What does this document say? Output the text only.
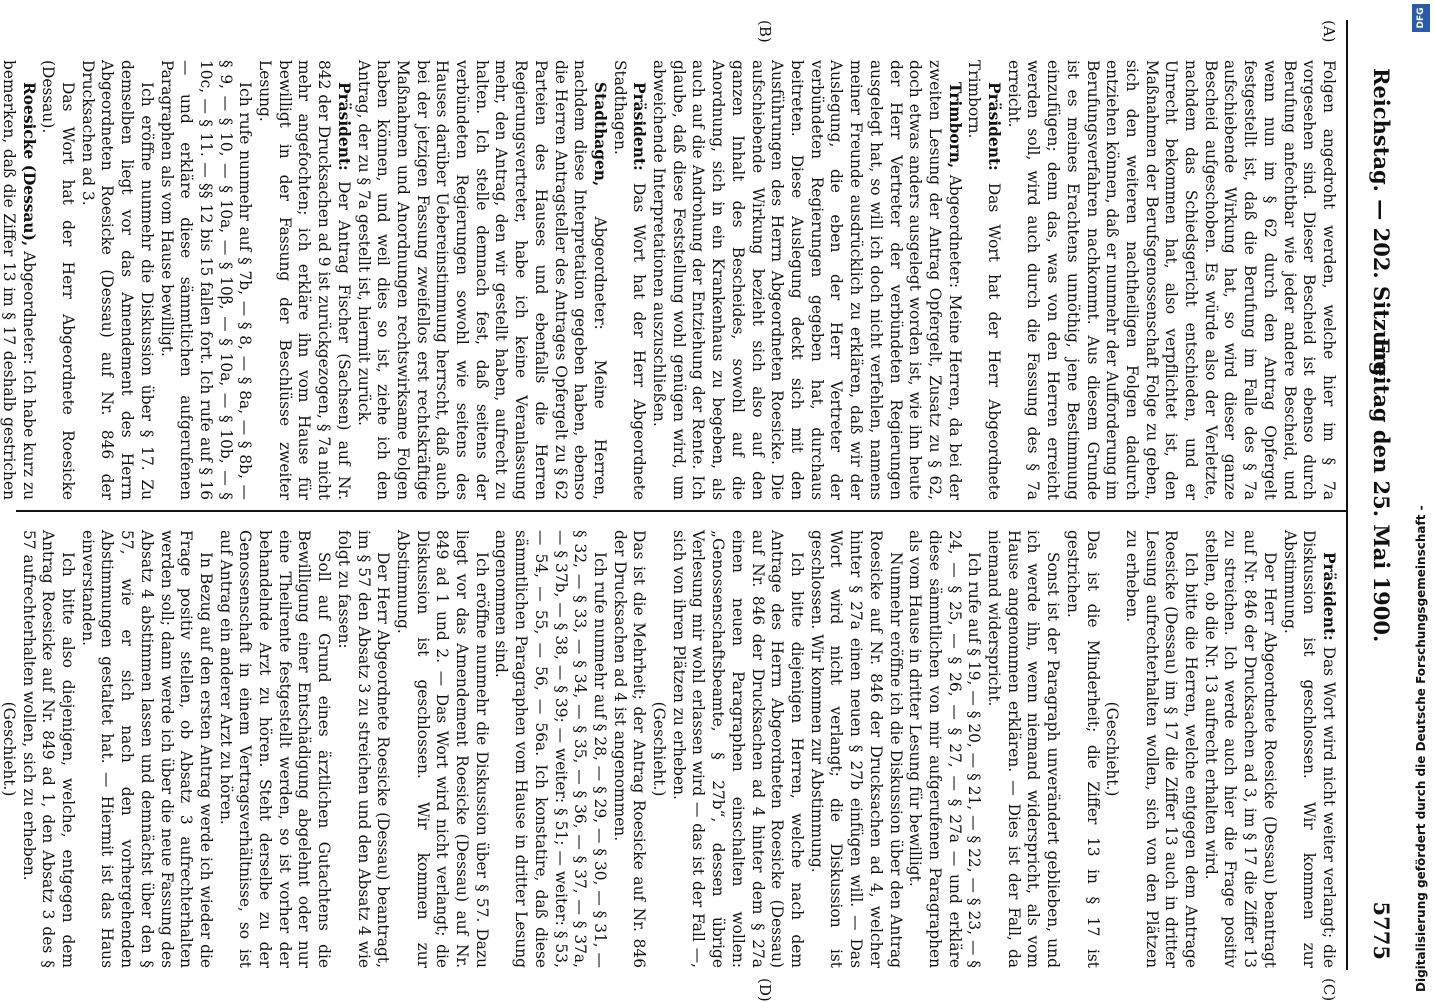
Reichstag. — 202. Sitzung.
Freitag den 25. Mai 1900.
5775
(A)
(B)
(C)
(D)

Folgen angedroht werden, welche hier im § 7a vorgesehen sind. Dieser Bescheid ist ebenso durch Berufung anfechtbar wie jeder andere Bescheid, und wenn nun im § 62 durch den Antrag Opfergelt festgestellt ist, daß die Berufung im Falle des § 7a aufschiebende Wirkung hat, so wird dieser ganze Bescheid aufgeschoben. Es würde also der Verletzte, nachdem das Schiedsgericht entschieden, und er Unrecht bekommen hat, also verpflichtet ist, den Maßnahmen der Berufsgenossenschaft Folge zu geben, sich den weiteren nachtheiligen Folgen dadurch entziehen können, daß er nunmehr der Aufforderung im Berufungsverfahren nachkommt. Aus diesem Grunde ist es meines Erachtens unnöthig, jene Bestimmung einzufügen; denn das, was von den Herren erreicht werden soll, wird auch durch die Fassung des § 7a erreicht.

Präsident: Das Wort hat der Herr Abgeordnete Trimborn.

Trimborn, Abgeordneter: Meine Herren, da bei der zweiten Lesung der Antrag Opfergelt, Zusatz zu § 62, doch etwas anders ausgelegt worden ist, wie ihn heute der Herr Vertreter der verbündeten Regierungen ausgelegt hat, so will ich doch nicht verfehlen, namens meiner Freunde ausdrücklich zu erklären, daß wir der Auslegung, die eben der Herr Vertreter der verbündeten Regierungen gegeben hat, durchaus beitreten. Diese Auslegung deckt sich mit den Ausführungen des Herrn Abgeordneten Roesicke. Die aufschiebende Wirkung bezieht sich also auf den ganzen Inhalt des Bescheides, sowohl auf die Anordnung, sich in ein Krankenhaus zu begeben, als auch auf die Androhung der Entziehung der Rente. Ich glaube, daß diese Feststellung wohl genügen wird, um abweichende Interpretationen auszuschließen.

Präsident: Das Wort hat der Herr Abgeordnete Stadthagen.

Stadthagen, Abgeordneter: Meine Herren, nachdem diese Interpretation gegeben haben, ebenso die Herren Antragsteller des Antrages Opfergelt zu § 62 Parteien des Hauses und ebenfalls die Herren Regierungsvertreter, habe ich keine Veranlassung mehr, den Antrag, den wir gestellt haben, aufrecht zu halten. Ich stelle demnach fest, daß seitens der verbündeten Regierungen sowohl wie seitens des Hauses darüber Uebereinstimmung herrscht, daß auch bei der jetzigen Fassung zweifellos erst rechtskräftige Maßnahmen und Anordnungen rechtswirksame Folgen haben können, und weil dies so ist, ziehe ich den Antrag, der zu § 7a gestellt ist, hiermit zurück.

Präsident: Der Antrag Fischer (Sachsen) auf Nr. 842 der Drucksachen ad 9 ist zurückgezogen, § 7a nicht mehr angefochten; ich erkläre ihn vom Hause für bewilligt in der Fassung der Beschlüsse zweiter Lesung.

Ich rufe nunmehr auf § 7b, — § 8, — § 8a, — § 8b, — § 9, — § 10, — § 10a, — § 10β, — § 10a, — § 10b, — § 10c, — § 11. — §§ 12 bis 15 fallen fort. Ich rufe auf § 16 — und erkläre diese sämmtlichen aufgerufenen Paragraphen als vom Hause bewilligt.

Ich eröffne nunmehr die Diskussion über § 17. Zu demselben liegt vor das Amendement des Herrn Abgeordneten Roesicke (Dessau) auf Nr. 846 der Drucksachen ad 3.

Das Wort hat der Herr Abgeordnete Roesicke (Dessau).

Roesicke (Dessau), Abgeordneter: Ich habe kurz zu bemerken, daß die Ziffer 13 im § 17 deshalb gestrichen

Präsident: Das Wort wird nicht weiter verlangt; die Diskussion ist geschlossen. Wir kommen zur Abstimmung.

Der Herr Abgeordnete Roesicke (Dessau) beantragt auf Nr. 846 der Drucksachen ad 3, im § 17 die Ziffer 13 zu streichen. Ich werde auch hier die Frage positiv stellen, ob die Nr. 13 aufrecht erhalten wird.

Ich bitte die Herren, welche entgegen dem Antrage Roesicke (Dessau) im § 17 die Ziffer 13 auch in dritter Lesung aufrechterhalten wollen, sich von den Plätzen zu erheben.

(Geschieht.)

Das ist die Minderheit; die Ziffer 13 in § 17 ist gestrichen.

Sonst ist der Paragraph unverändert geblieben, und ich werde ihn, wenn niemand widerspricht, als vom Hause angenommen erklären. — Dies ist der Fall, da niemand widerspricht.

Ich rufe auf § 19, — § 20, — § 21, — § 22, — § 23, — § 24, — § 25, — § 26, — § 27, — § 27a — und erkläre diese sämmtlichen von mir aufgerufenen Paragraphen als vom Hause in dritter Lesung für bewilligt.

Nunmehr eröffne ich die Diskussion über den Antrag Roesicke auf Nr. 846 der Drucksachen ad 4, welcher hinter § 27a einen neuen § 27b einfügen will. — Das Wort wird nicht verlangt; die Diskussion ist geschlossen. Wir kommen zur Abstimmung.

Ich bitte diejenigen Herren, welche nach dem Antrage des Herrn Abgeordneten Roesicke (Dessau) auf Nr. 846 der Drucksachen ad 4 hinter dem § 27a einen neuen Paragraphen einschalten wollen: „Genossenschaftsbeamte, § 27b“, dessen übrige Verlesung mir wohl erlassen wird — das ist der Fall —, sich von ihren Plätzen zu erheben.

(Geschieht.)

Das ist die Mehrheit; der Antrag Roesicke auf Nr. 846 der Drucksachen ad 4 ist angenommen.

Ich rufe nunmehr auf § 28, — § 29, — § 30, — § 31, — § 32, — § 33, — § 34, — § 35, — § 36, — § 37, — § 37a, — § 37b, — § 38, — § 39; — weiter: § 51; — weiter: § 53, — 54, — 55, — 56, — 56a. Ich konstatire, daß diese sämmtlichen Paragraphen vom Hause in dritter Lesung angenommen sind.

Ich eröffne nunmehr die Diskussion über § 57. Dazu liegt vor das Amendement Roesicke (Dessau) auf Nr. 849 ad 1 und 2. — Das Wort wird nicht verlangt; die Diskussion ist geschlossen. Wir kommen zur Abstimmung.

Der Herr Abgeordnete Roesicke (Dessau) beantragt, im § 57 den Absatz 3 zu streichen und den Absatz 4 wie folgt zu fassen:

Soll auf Grund eines ärztlichen Gutachtens die Bewilligung einer Entschädigung abgelehnt oder nur eine Theilrente festgestellt werden, so ist vorher der behandelnde Arzt zu hören. Steht derselbe zu der Genossenschaft in einem Vertragsverhältnisse, so ist auf Antrag ein anderer Arzt zu hören.

In Bezug auf den ersten Antrag werde ich wieder die Frage positiv stellen, ob Absatz 3 aufrechterhalten werden soll; dann werde ich über die neue Fassung des Absatz 4 abstimmen lassen und demnächst über den § 57, wie er sich nach den vorhergehenden Abstimmungen gestaltet hat. — Hiermit ist das Haus einverstanden.

Ich bitte also diejenigen, welche, entgegen dem Antrag Roesicke auf Nr. 849 ad 1, den Absatz 3 des § 57 aufrechterhalten wollen, sich zu erheben.

(Geschieht.)

DFG
Digitalisierung gefördert durch die Deutsche Forschungsgemeinschaft -
